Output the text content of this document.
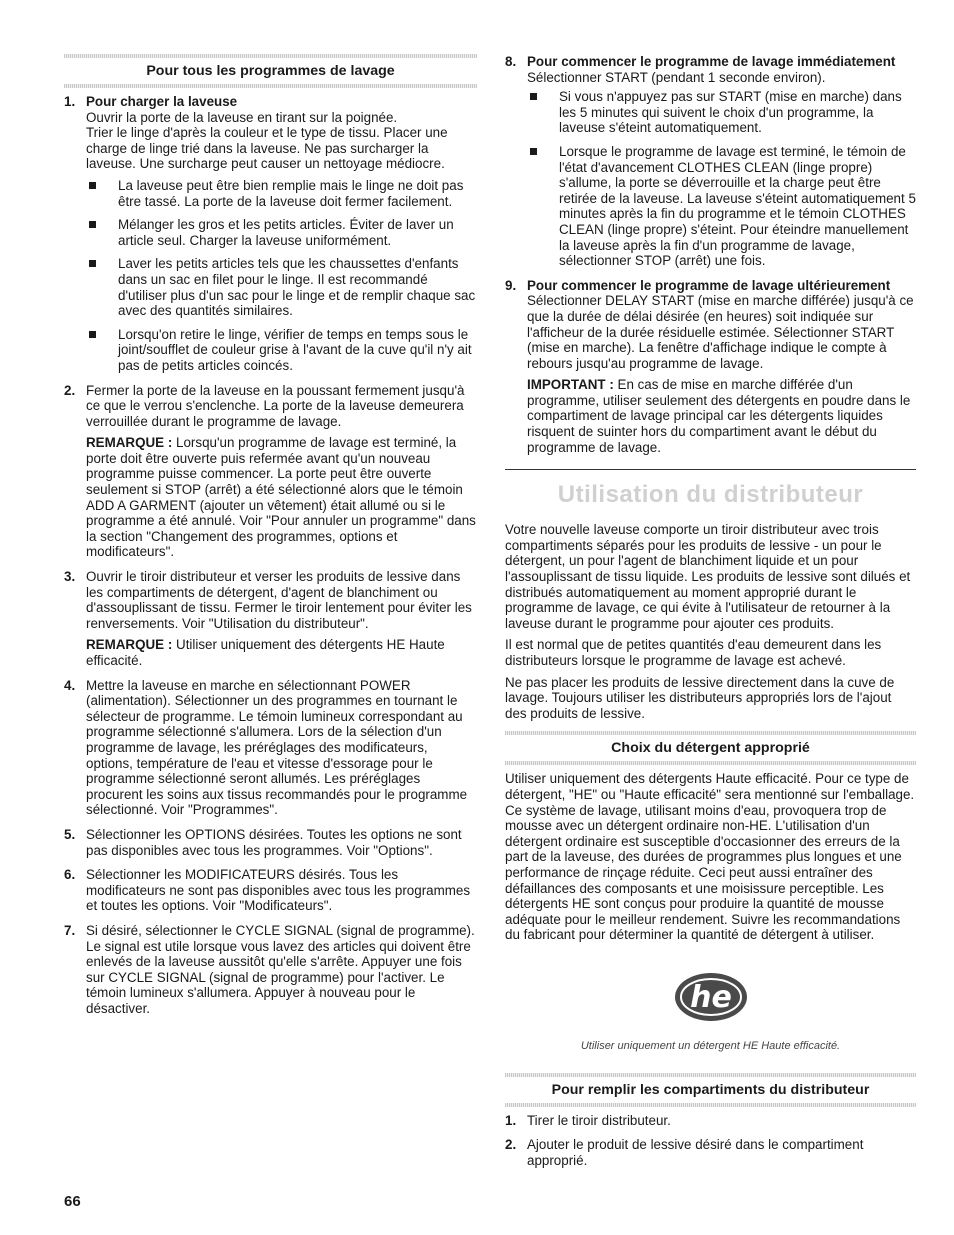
Pour tous les programmes de lavage
1. Pour charger la laveuse
Ouvrir la porte de la laveuse en tirant sur la poignée.

Trier le linge d'après la couleur et le type de tissu. Placer une charge de linge trié dans la laveuse. Ne pas surcharger la laveuse. Une surcharge peut causer un nettoyage médiocre.

La laveuse peut être bien remplie mais le linge ne doit pas être tassé. La porte de la laveuse doit fermer facilement.
Mélanger les gros et les petits articles. Éviter de laver un article seul. Charger la laveuse uniformément.
Laver les petits articles tels que les chaussettes d'enfants dans un sac en filet pour le linge. Il est recommandé d'utiliser plus d'un sac pour le linge et de remplir chaque sac avec des quantités similaires.
Lorsqu'on retire le linge, vérifier de temps en temps sous le joint/soufflet de couleur grise à l'avant de la cuve qu'il n'y ait pas de petits articles coincés.
2. Fermer la porte de la laveuse en la poussant fermement jusqu'à ce que le verrou s'enclenche. La porte de la laveuse demeurera verrouillée durant le programme de lavage.

REMARQUE : Lorsqu'un programme de lavage est terminé, la porte doit être ouverte puis refermée avant qu'un nouveau programme puisse commencer. La porte peut être ouverte seulement si STOP (arrêt) a été sélectionné alors que le témoin ADD A GARMENT (ajouter un vêtement) était allumé ou si le programme a été annulé. Voir "Pour annuler un programme" dans la section "Changement des programmes, options et modificateurs".

3. Ouvrir le tiroir distributeur et verser les produits de lessive dans les compartiments de détergent, d'agent de blanchiment ou d'assouplissant de tissu. Fermer le tiroir lentement pour éviter les renversements. Voir "Utilisation du distributeur".

REMARQUE : Utiliser uniquement des détergents HE Haute efficacité.

4. Mettre la laveuse en marche en sélectionnant POWER (alimentation). Sélectionner un des programmes en tournant le sélecteur de programme. Le témoin lumineux correspondant au programme sélectionné s'allumera. Lors de la sélection d'un programme de lavage, les préréglages des modificateurs, options, température de l'eau et vitesse d'essorage pour le programme sélectionné seront allumés. Les préréglages procurent les soins aux tissus recommandés pour le programme sélectionné. Voir "Programmes".
5. Sélectionner les OPTIONS désirées. Toutes les options ne sont pas disponibles avec tous les programmes. Voir "Options".
6. Sélectionner les MODIFICATEURS désirés. Tous les modificateurs ne sont pas disponibles avec tous les programmes et toutes les options. Voir "Modificateurs".
7. Si désiré, sélectionner le CYCLE SIGNAL (signal de programme). Le signal est utile lorsque vous lavez des articles qui doivent être enlevés de la laveuse aussitôt qu'elle s'arrête. Appuyer une fois sur CYCLE SIGNAL (signal de programme) pour l'activer. Le témoin lumineux s'allumera. Appuyer à nouveau pour le désactiver.
8. Pour commencer le programme de lavage immédiatement
Sélectionner START (pendant 1 seconde environ).
Si vous n'appuyez pas sur START (mise en marche) dans les 5 minutes qui suivent le choix d'un programme, la laveuse s'éteint automatiquement.
Lorsque le programme de lavage est terminé, le témoin de l'état d'avancement CLOTHES CLEAN (linge propre) s'allume, la porte se déverrouille et la charge peut être retirée de la laveuse. La laveuse s'éteint automatiquement 5 minutes après la fin du programme et le témoin CLOTHES CLEAN (linge propre) s'éteint. Pour éteindre manuellement la laveuse après la fin d'un programme de lavage, sélectionner STOP (arrêt) une fois.
9. Pour commencer le programme de lavage ultérieurement

Sélectionner DELAY START (mise en marche différée) jusqu'à ce que la durée de délai désirée (en heures) soit indiquée sur l'afficheur de la durée résiduelle estimée. Sélectionner START (mise en marche). La fenêtre d'affichage indique le compte à rebours jusqu'au programme de lavage.

IMPORTANT : En cas de mise en marche différée d'un programme, utiliser seulement des détergents en poudre dans le compartiment de lavage principal car les détergents liquides risquent de suinter hors du compartiment avant le début du programme de lavage.

Utilisation du distributeur

Votre nouvelle laveuse comporte un tiroir distributeur avec trois compartiments séparés pour les produits de lessive - un pour le détergent, un pour l'agent de blanchiment liquide et un pour l'assouplissant de tissu liquide. Les produits de lessive sont dilués et distribués automatiquement au moment approprié durant le programme de lavage, ce qui évite à l'utilisateur de retourner à la laveuse durant le programme pour ajouter ces produits.

Il est normal que de petites quantités d'eau demeurent dans les distributeurs lorsque le programme de lavage est achevé.

Ne pas placer les produits de lessive directement dans la cuve de lavage. Toujours utiliser les distributeurs appropriés lors de l'ajout des produits de lessive.

Choix du détergent approprié

Utiliser uniquement des détergents Haute efficacité. Pour ce type de détergent, "HE" ou "Haute efficacité" sera mentionné sur l'emballage. Ce système de lavage, utilisant moins d'eau, provoquera trop de mousse avec un détergent ordinaire non-HE. L'utilisation d'un détergent ordinaire est susceptible d'occasionner des erreurs de la part de la laveuse, des durées de programmes plus longues et une performance de rinçage réduite. Ceci peut aussi entraîner des défaillances des composants et une moisissure perceptible. Les détergents HE sont conçus pour produire la quantité de mousse adéquate pour le meilleur rendement. Suivre les recommandations du fabricant pour déterminer la quantité de détergent à utiliser.

he
Utiliser uniquement un détergent HE Haute efficacité.
Pour remplir les compartiments du distributeur
1. Tirer le tiroir distributeur.
2. Ajouter le produit de lessive désiré dans le compartiment approprié.
66
